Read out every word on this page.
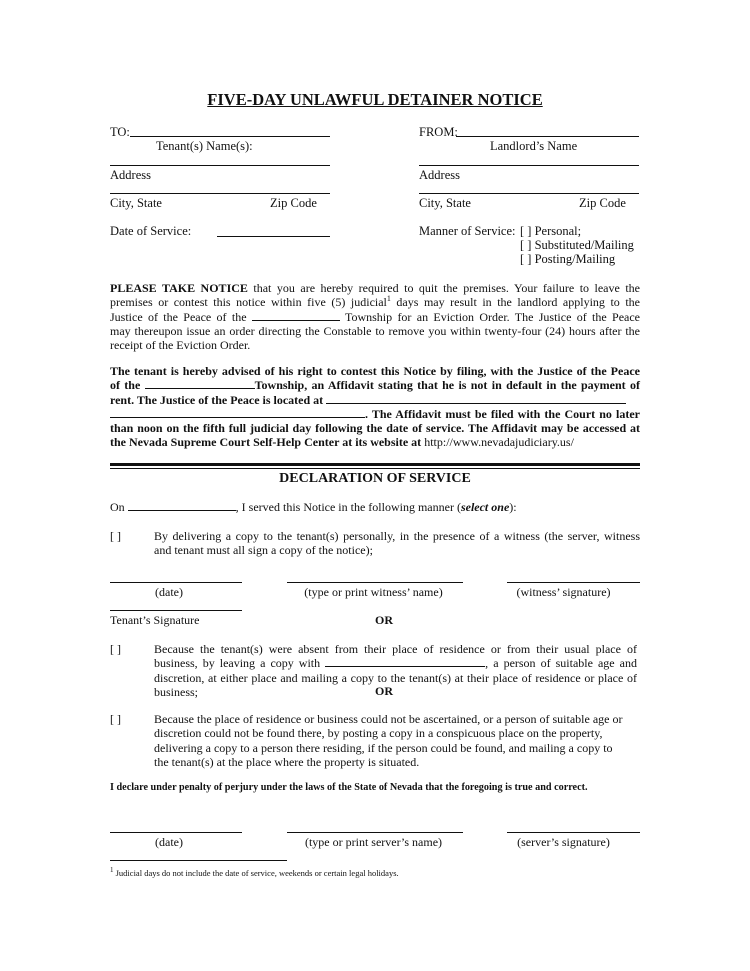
FIVE-DAY UNLAWFUL DETAINER NOTICE
TO:
Tenant(s) Name(s):
Address
City, State	Zip Code
Date of Service:
FROM:
Landlord’s Name
Address
City, State	Zip Code
Manner of Service: [ ] Personal;
[ ] Substituted/Mailing
[ ] Posting/Mailing

PLEASE TAKE NOTICE that you are hereby required to quit the premises. Your failure to leave the

premises or contest this notice within five (5) judicial$^1$ days may result in the landlord applying to the

Justice of the Peace of the	Township for an Eviction Order. The Justice of the Peace

may thereupon issue an order directing the Constable to remove you within twenty-four (24) hours after the

receipt of the Eviction Order.

The tenant is hereby advised of his right to contest this Notice by filing, with the Justice of the Peace

of the	Township, an Affidavit stating that he is not in default in the payment of

rent. The Justice of the Peace is located at

. The Affidavit must be filed with the Court no later

than noon on the fifth full judicial day following the date of service. The Affidavit may be accessed at

the Nevada Supreme Court Self-Help Center at its website at http://www.nevadajudiciary.us/

DECLARATION OF SERVICE
On	, I served this Notice in the following manner (select one):
[ ]	By delivering a copy to the tenant(s) personally, in the presence of a witness (the server, witness

and tenant must all sign a copy of the notice);

(date)	(type or print witness’ name)	(witness’ signature)
Tenant’s Signature	OR
[ ]	Because the tenant(s) were absent from their place of residence or from their usual place of

business, by leaving a copy with	, a person of suitable age and

discretion, at either place and mailing a copy to the tenant(s) at their place of residence or place of

business;	OR
[ ]	Because the place of residence or business could not be ascertained, or a person of suitable age or

discretion could not be found there, by posting a copy in a conspicuous place on the property,

delivering a copy to a person there residing, if the person could be found, and mailing a copy to

the tenant(s) at the place where the property is situated.

I declare under penalty of perjury under the laws of the State of Nevada that the foregoing is true and correct.
(date)	(type or print server’s name)	(server’s signature)
$^1$ Judicial days do not include the date of service, weekends or certain legal holidays.
